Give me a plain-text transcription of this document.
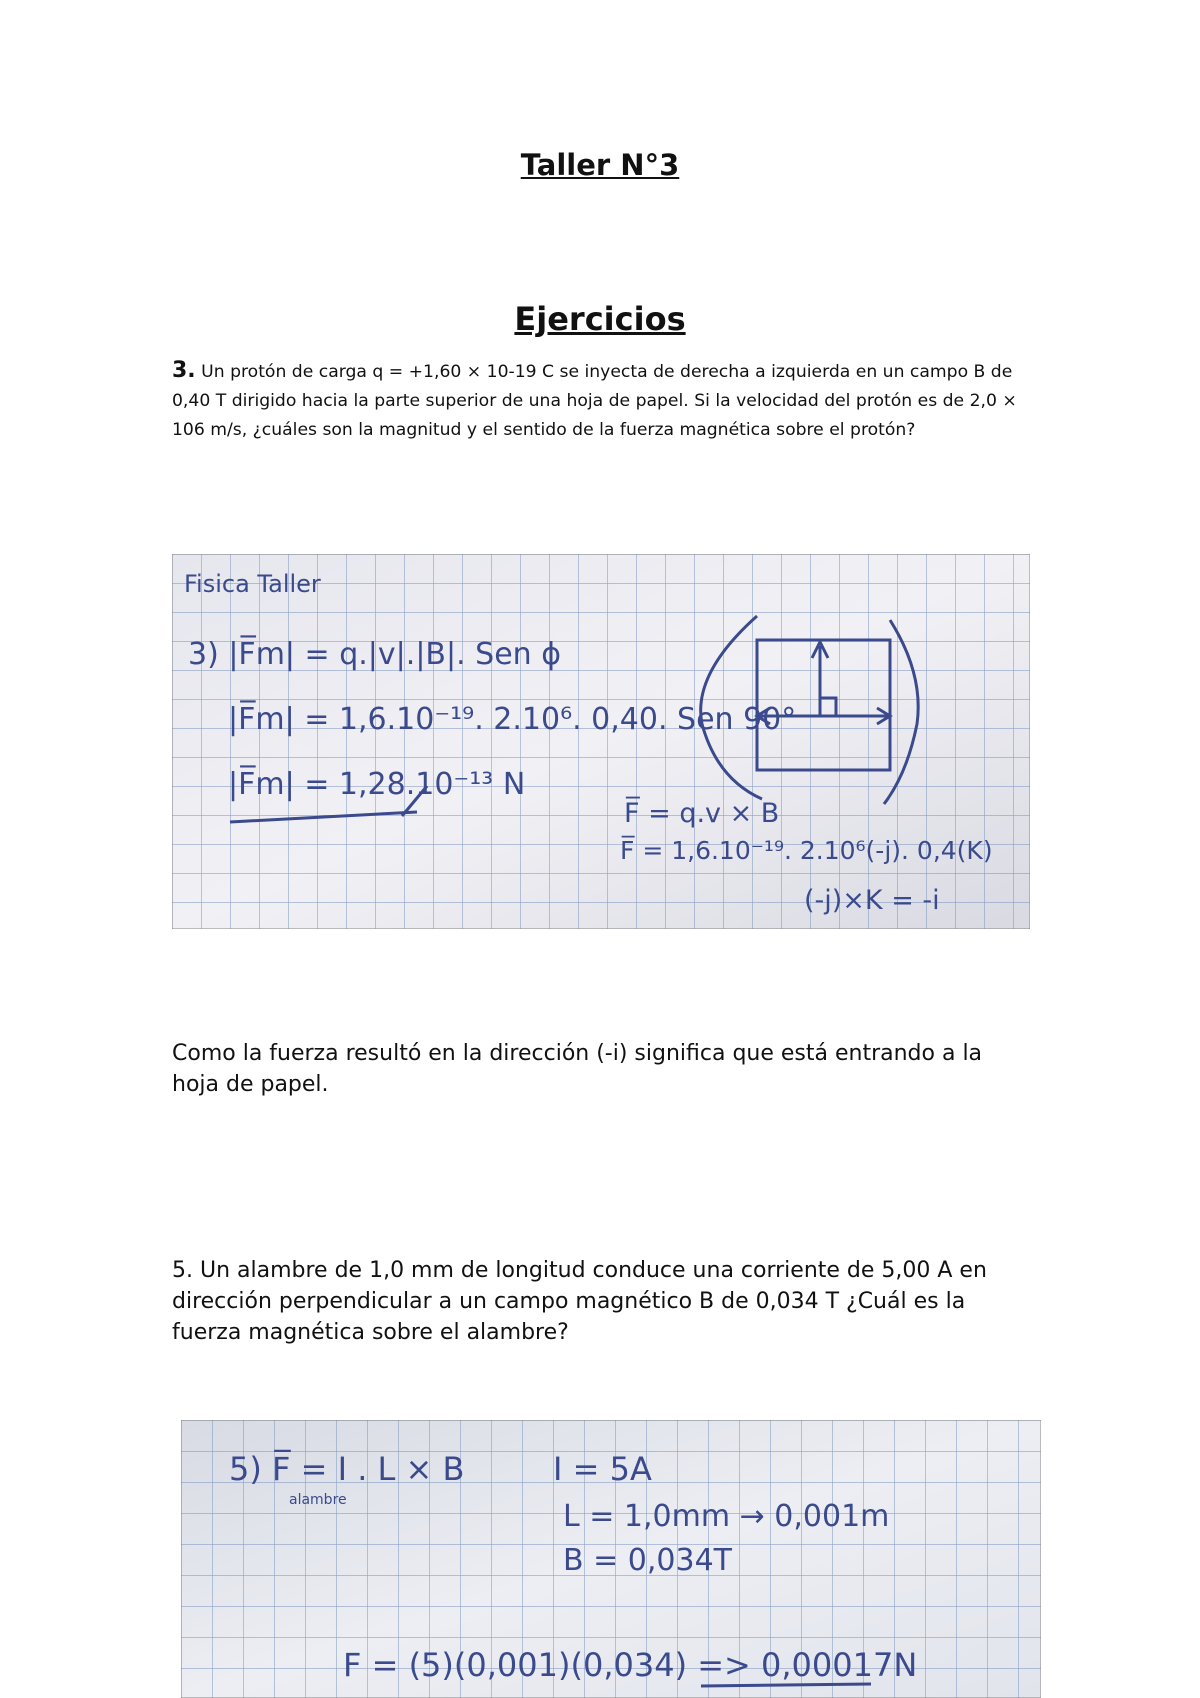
Taller N°3
Ejercicios
3. Un protón de carga q = +1,60 × 10-19 C se inyecta de derecha a izquierda en un campo B de 0,40 T dirigido hacia la parte superior de una hoja de papel. Si la velocidad del protón es de 2,0 × 106 m/s, ¿cuáles son la magnitud y el sentido de la fuerza magnética sobre el protón?
Fisica Taller
3) |F̅m| = q.|v|.|B|. Sen ϕ
|F̅m| = 1,6.10⁻¹⁹. 2.10⁶. 0,40. Sen 90°
|F̅m| = 1,28.10⁻¹³ N
F̅ = q.v × B
F̅ = 1,6.10⁻¹⁹. 2.10⁶(-j). 0,4(K)
(-j)×K = -i
Como la fuerza resultó en la dirección (-i) significa que está entrando a la hoja de papel.
5. Un alambre de 1,0 mm de longitud conduce una corriente de 5,00 A en dirección perpendicular a un campo magnético B de 0,034 T ¿Cuál es la fuerza magnética sobre el alambre?
5) F̅ = I . L × B
alambre
I = 5A
L = 1,0mm → 0,001m
B = 0,034T
F = (5)(0,001)(0,034) => 0,00017N
